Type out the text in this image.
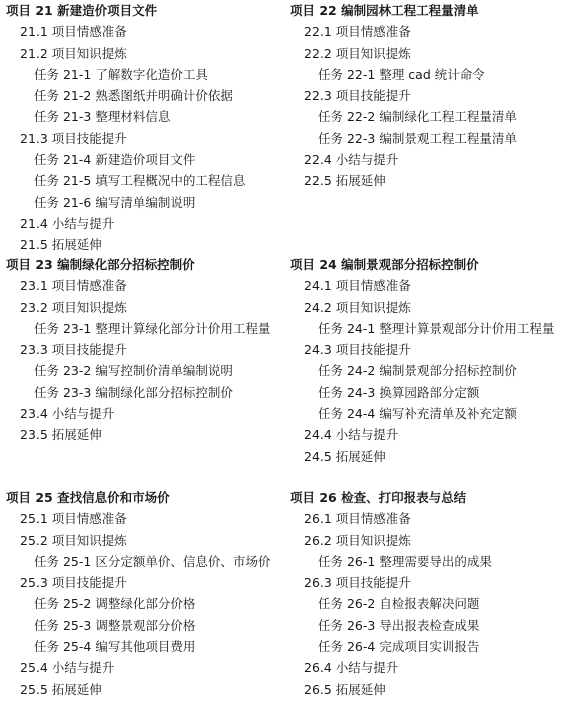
项目 21 新建造价项目文件
21.1 项目情感准备
21.2 项目知识提炼
任务 21-1 了解数字化造价工具
任务 21-2 熟悉图纸并明确计价依据
任务 21-3 整理材料信息
21.3 项目技能提升
任务 21-4 新建造价项目文件
任务 21-5 填写工程概况中的工程信息
任务 21-6 编写清单编制说明
21.4 小结与提升
21.5 拓展延伸
项目 23 编制绿化部分招标控制价
23.1 项目情感准备
23.2 项目知识提炼
任务 23-1 整理计算绿化部分计价用工程量
23.3 项目技能提升
任务 23-2 编写控制价清单编制说明
任务 23-3 编制绿化部分招标控制价
23.4 小结与提升
23.5 拓展延伸
项目 25 查找信息价和市场价
25.1 项目情感准备
25.2 项目知识提炼
任务 25-1 区分定额单价、信息价、市场价
25.3 项目技能提升
任务 25-2 调整绿化部分价格
任务 25-3 调整景观部分价格
任务 25-4 编写其他项目费用
25.4 小结与提升
25.5 拓展延伸
项目 22 编制园林工程工程量清单
22.1 项目情感准备
22.2 项目知识提炼
任务 22-1 整理 cad 统计命令
22.3 项目技能提升
任务 22-2 编制绿化工程工程量清单
任务 22-3 编制景观工程工程量清单
22.4 小结与提升
22.5 拓展延伸
项目 24 编制景观部分招标控制价
24.1 项目情感准备
24.2 项目知识提炼
任务 24-1 整理计算景观部分计价用工程量
24.3 项目技能提升
任务 24-2 编制景观部分招标控制价
任务 24-3 换算园路部分定额
任务 24-4 编写补充清单及补充定额
24.4 小结与提升
24.5 拓展延伸
项目 26 检查、打印报表与总结
26.1 项目情感准备
26.2 项目知识提炼
任务 26-1 整理需要导出的成果
26.3 项目技能提升
任务 26-2 自检报表解决问题
任务 26-3 导出报表检查成果
任务 26-4 完成项目实训报告
26.4 小结与提升
26.5 拓展延伸
